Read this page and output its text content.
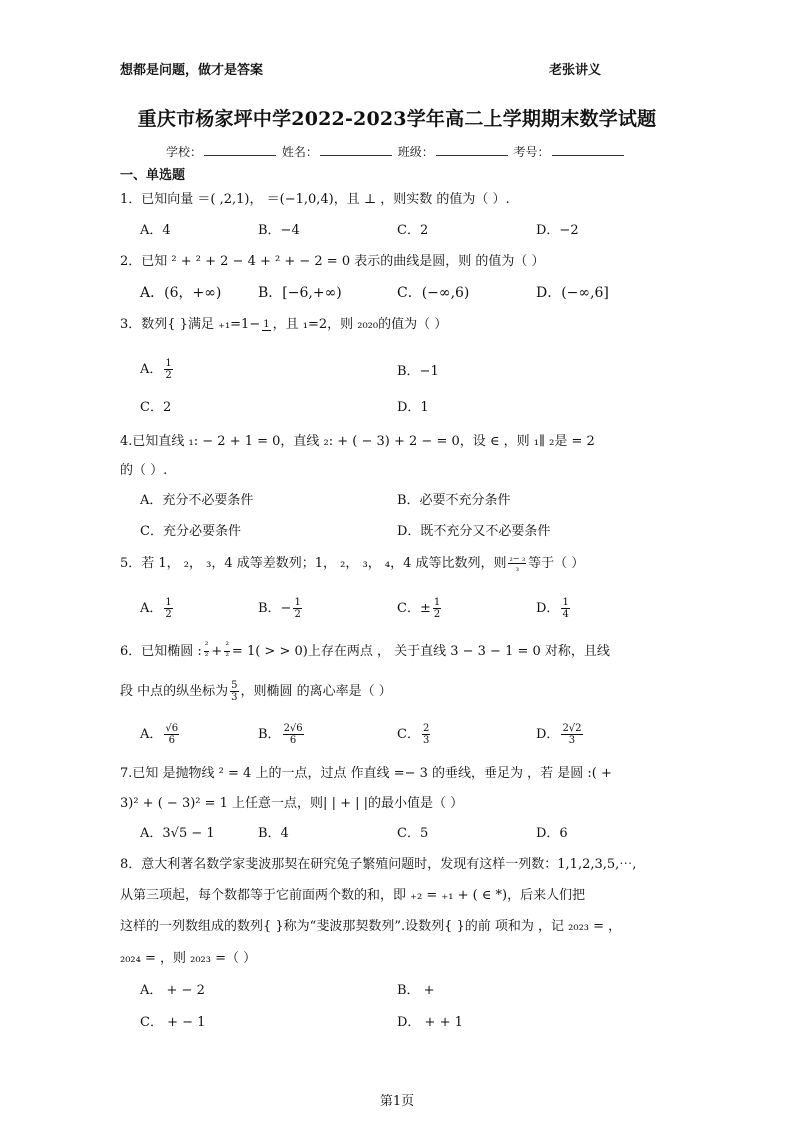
想都是问题，做才是答案	老张讲义
重庆市杨家坪中学2022-2023学年高二上学期期末数学试题
学校：	姓名：	班级：	考号：
一、单选题
1．已知向量 ＝( ,2,1)， ＝(−1,0,4)，且 ⊥ ，则实数 的值为（ ）.
A．4	B．−4	C．2	D．−2
2．已知 ² + ² + 2 − 4 + ² + − 2 = 0 表示的曲线是圆，则 的值为（ ）
A．(6，+∞)	B．[−6,+∞)	C．(−∞,6)	D．(−∞,6]
3．数列{ }满足 ₊₁=1− 1 ，且 ₁=2，则 ₂₀₂₀的值为（ ）
A． $\frac{1}{2}$	B．−1
C．2	D．1
4.已知直线 ₁: − 2 + 1 = 0，直线 ₂: + ( − 3) + 2 − = 0，设 ∈ ，则 ₁∥ ₂是 = 2
的（ ）.
A．充分不必要条件	B．必要不充分条件
C．充分必要条件	D．既不充分又不必要条件
5．若 1， ₂， ₃，4 成等差数列；1， ₂， ₃， ₄，4 成等比数列，则 $\frac{\text{₂− ₃}}{\text{₃}}$ 等于（ ）
A． $\frac{1}{2}$	B．− $\frac{1}{2}$	C．± $\frac{1}{2}$	D． $\frac{1}{4}$
6．已知椭圆 : $\frac{\text{²}}{\text{²}} + \frac{\text{²}}{\text{²}} = 1$( > > 0)上存在两点 ， 关于直线 3 − 3 − 1 = 0 对称，且线
段 中点的纵坐标为 $\frac{5}{3}$ ，则椭圆 的离心率是（ ）
A． $\frac{√6}{6}$	B． $\frac{2√6}{6}$	C． $\frac{2}{3}$	D． $\frac{2√2}{3}$
7.已知 是抛物线 ² = 4 上的一点，过点 作直线 =− 3 的垂线，垂足为 ，若 是圆 :( +
3)² + ( − 3)² = 1 上任意一点，则| | + | |的最小值是（ ）
A．3√5 − 1	B．4	C．5	D．6
8．意大利著名数学家斐波那契在研究兔子繁殖问题时，发现有这样一列数：1,1,2,3,5,⋯,
从第三项起，每个数都等于它前面两个数的和，即 ₊₂ = ₊₁ + ( ∈ *)，后来人们把
这样的一列数组成的数列{ }称为“斐波那契数列”.设数列{ }的前 项和为 ，记 ₂₀₂₃ = ，
₂₀₂₄ = ，则 ₂₀₂₃ =（ ）
A． + − 2	B． +
C． + − 1	D． + + 1
第1页
